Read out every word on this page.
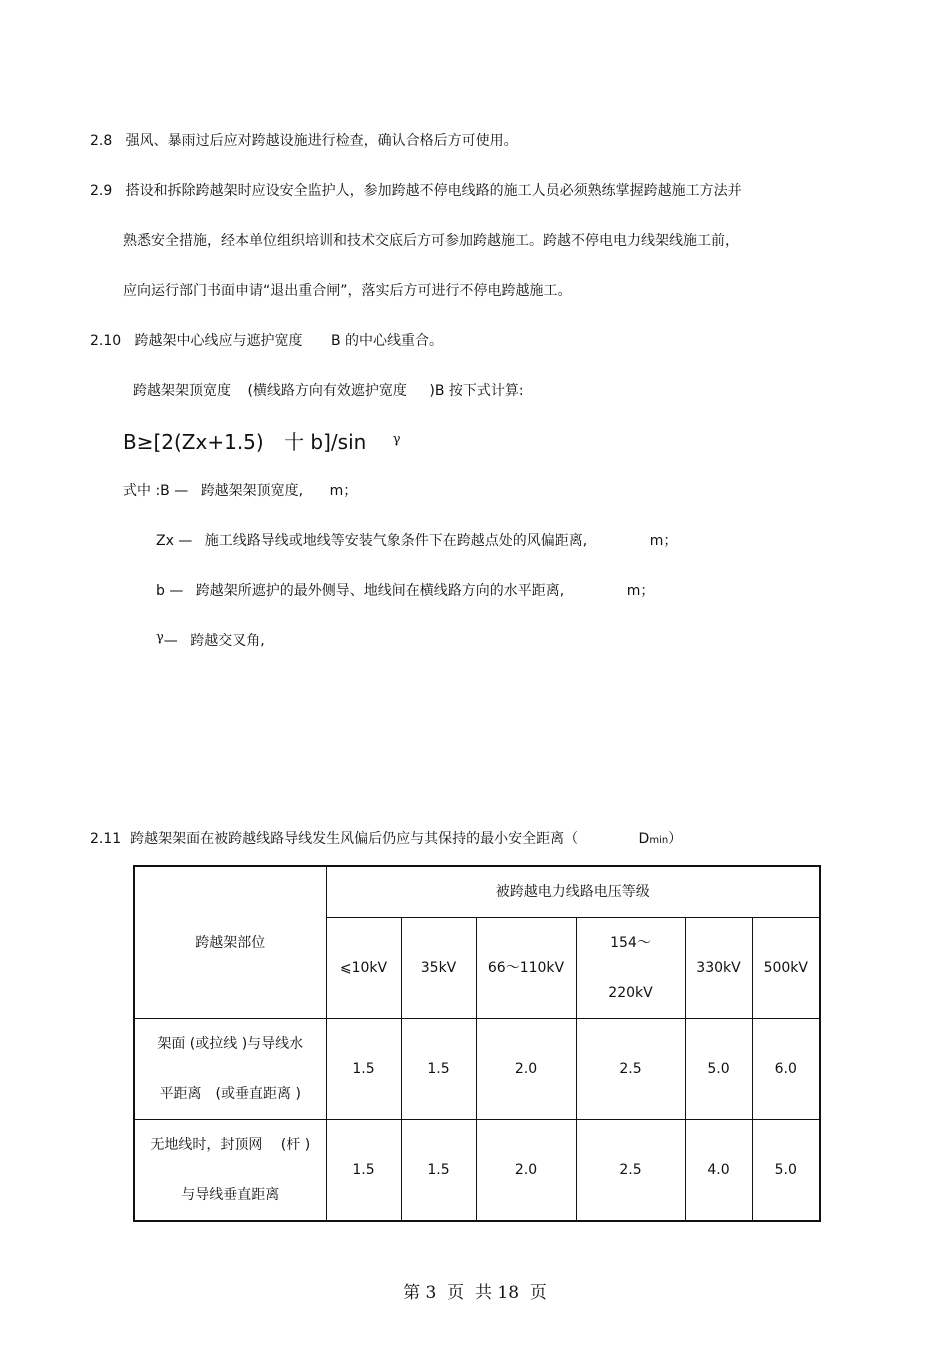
2.8 强风、暴雨过后应对跨越设施进行检查，确认合格后方可使用。
2.9 搭设和拆除跨越架时应设安全监护人，参加跨越不停电线路的施工人员必须熟练掌握跨越施工方法并
熟悉安全措施，经本单位组织培训和技术交底后方可参加跨越施工。跨越不停电电力线架线施工前，
应向运行部门书面申请“退出重合闸”，落实后方可进行不停电跨越施工。
2.10 跨越架中心线应与遮护宽度 B 的中心线重合。
跨越架架顶宽度 (横线路方向有效遮护宽度 )B 按下式计算:
B≥[2(Zx+1.5) 十 b]/sin $^\gamma$
式中 :B — 跨越架架顶宽度, m；
Zx — 施工线路导线或地线等安装气象条件下在跨越点处的风偏距离,	m；
b — 跨越架所遮护的最外侧导、地线间在横线路方向的水平距离,	m；
γ— 跨越交叉角,
2.11 跨越架架面在被跨越线路导线发生风偏后仍应与其保持的最小安全距离（	Dmin）
跨越架部位	被跨越电力线路电压等级					
	⩽10kV	35kV	66～110kV	154～
220kV	330kV	500kV

架面 (或拉线 )与导线水
平距离　(或垂直距离 )	1.5	1.5	2.0	2.5	5.0	6.0

无地线时，封顶网　 (杆 )
与导线垂直距离	1.5	1.5	2.0	2.5	4.0	5.0
第 3  页  共 18  页
